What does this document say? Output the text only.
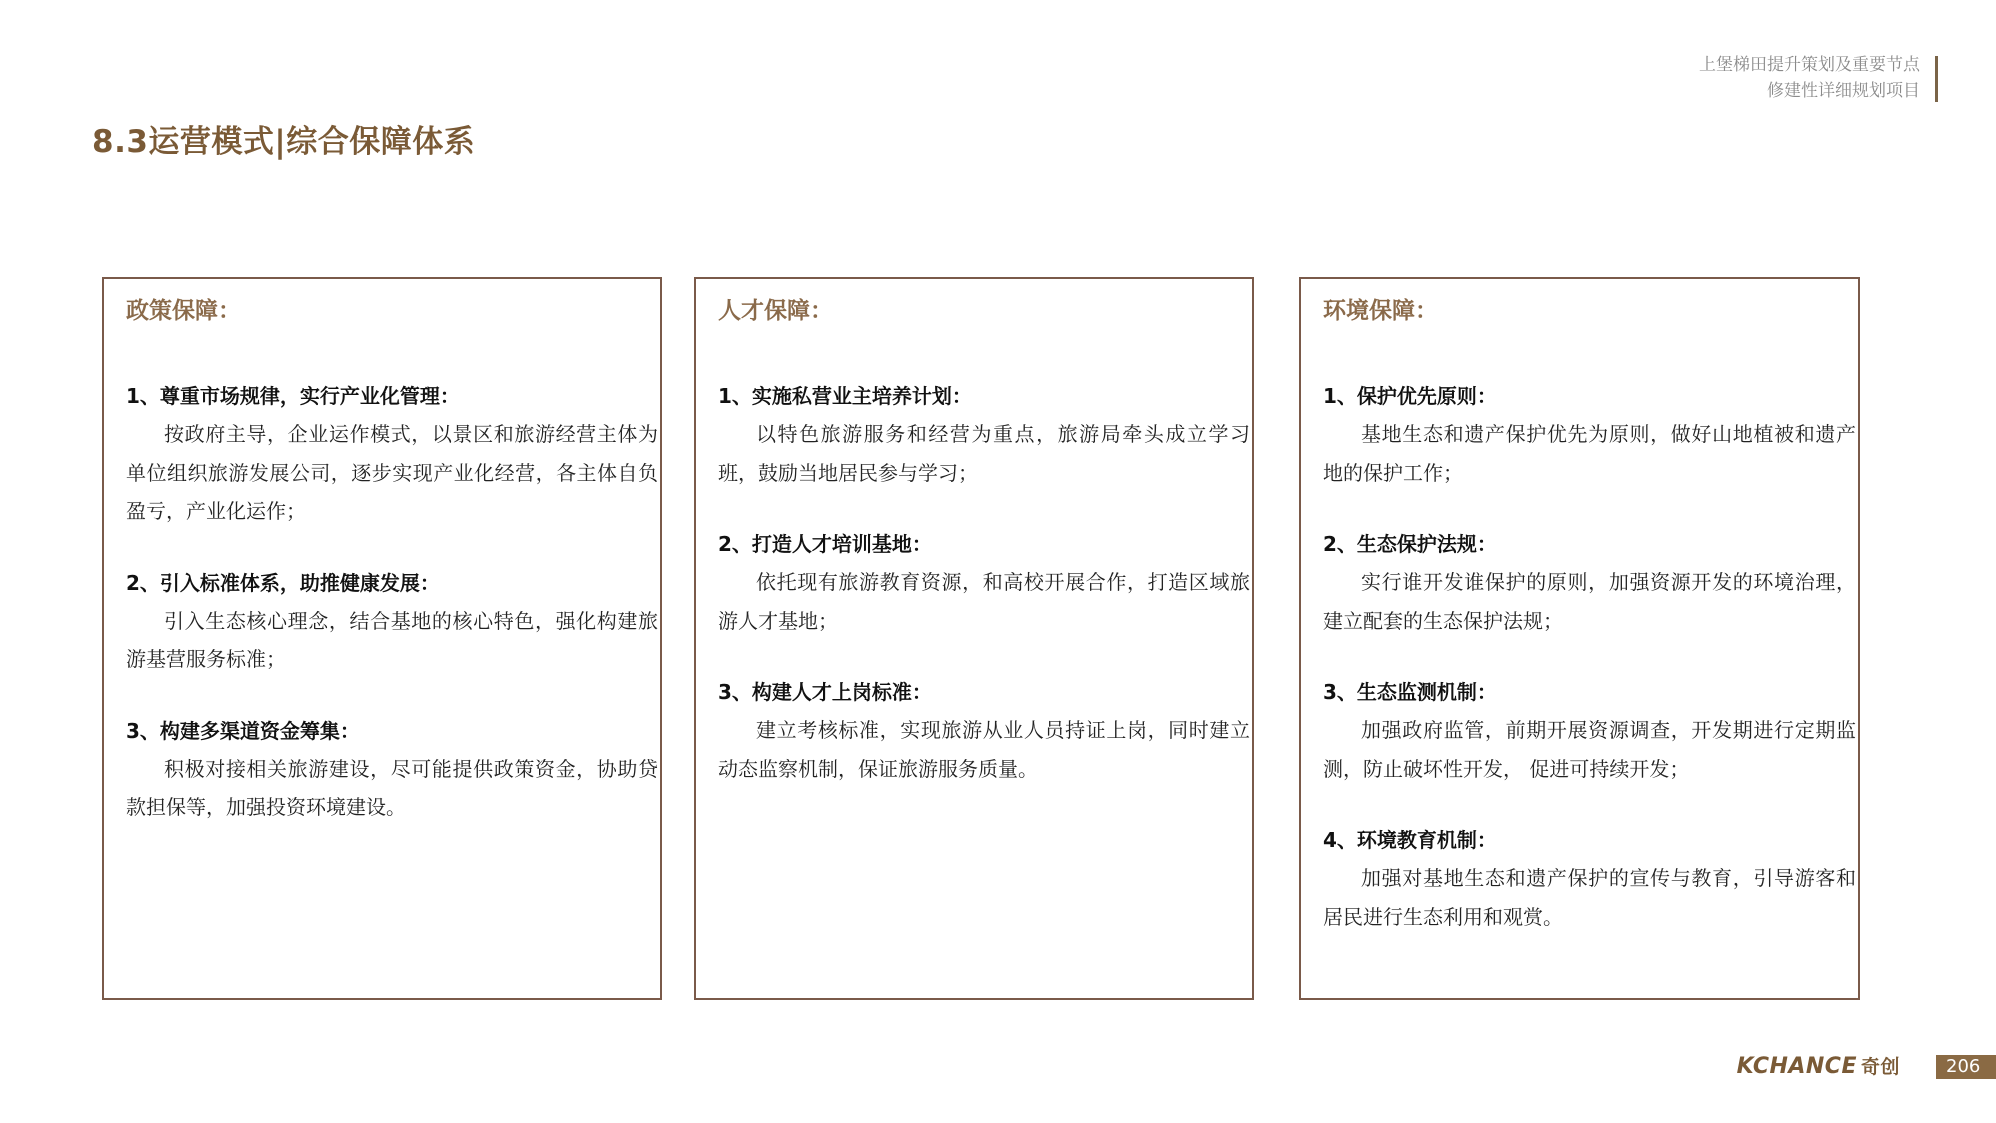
上堡梯田提升策划及重要节点
修建性详细规划项目
8.3运营模式|综合保障体系
政策保障：
1、尊重市场规律，实行产业化管理：
按政府主导，企业运作模式，以景区和旅游经营主体为单位组织旅游发展公司，逐步实现产业化经营，各主体自负盈亏，产业化运作；
2、引入标准体系，助推健康发展：
引入生态核心理念，结合基地的核心特色，强化构建旅游基营服务标准；
3、构建多渠道资金筹集：
积极对接相关旅游建设，尽可能提供政策资金，协助贷款担保等，加强投资环境建设。
人才保障：
1、实施私营业主培养计划：
以特色旅游服务和经营为重点，旅游局牵头成立学习班，鼓励当地居民参与学习；
2、打造人才培训基地：
依托现有旅游教育资源，和高校开展合作，打造区域旅游人才基地；
3、构建人才上岗标准：
建立考核标准，实现旅游从业人员持证上岗，同时建立动态监察机制，保证旅游服务质量。
环境保障：
1、保护优先原则：
基地生态和遗产保护优先为原则，做好山地植被和遗产地的保护工作；
2、生态保护法规：
实行谁开发谁保护的原则，加强资源开发的环境治理，建立配套的生态保护法规；
3、生态监测机制：
加强政府监管，前期开展资源调查，开发期进行定期监测，防止破坏性开发， 促进可持续开发；
4、环境教育机制：
加强对基地生态和遗产保护的宣传与教育，引导游客和居民进行生态利用和观赏。
KCHANCE 奇创	206
